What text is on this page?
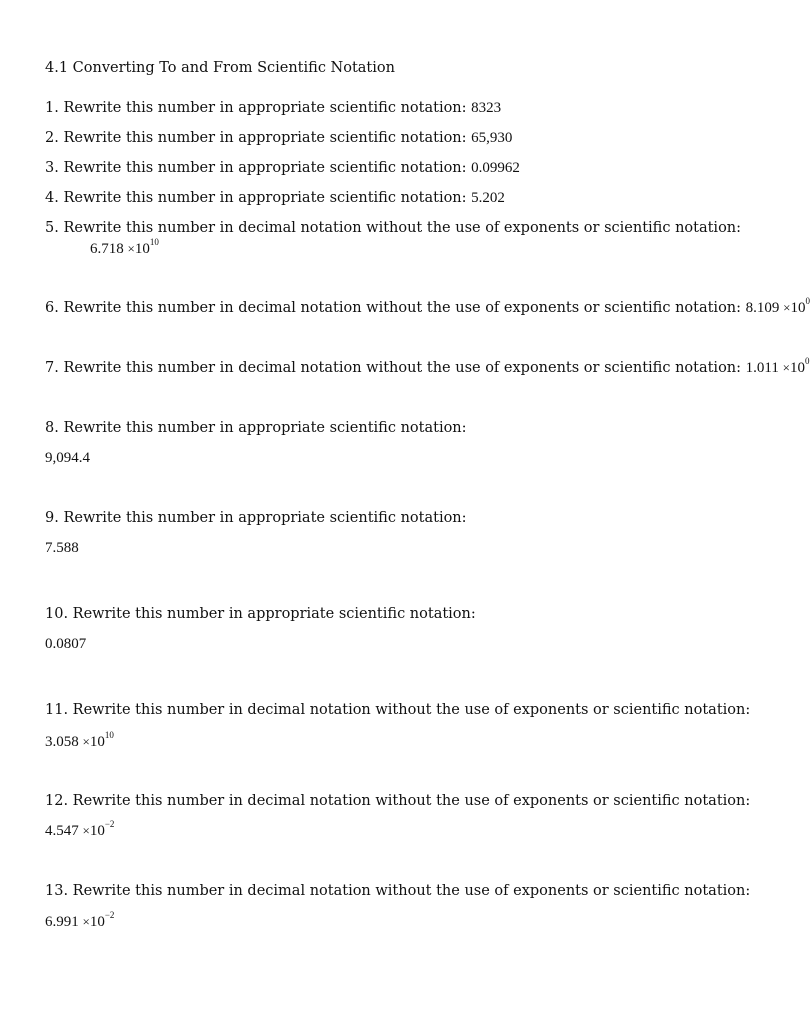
4.1 Converting To and From Scientific Notation
1. Rewrite this number in appropriate scientific notation: 8323
2. Rewrite this number in appropriate scientific notation: 65,930
3. Rewrite this number in appropriate scientific notation: 0.09962
4. Rewrite this number in appropriate scientific notation: 5.202
5. Rewrite this number in decimal notation without the use of exponents or scientific notation:
$6.718 \times 10^{10}$
6. Rewrite this number in decimal notation without the use of exponents or scientific notation: $8.109 \times 10^0$
7. Rewrite this number in decimal notation without the use of exponents or scientific notation: $1.011 \times 10^0$
8. Rewrite this number in appropriate scientific notation:
9,094.4
9. Rewrite this number in appropriate scientific notation:
7.588
10. Rewrite this number in appropriate scientific notation:
0.0807
11. Rewrite this number in decimal notation without the use of exponents or scientific notation:
$3.058 \times 10^{10}$
12. Rewrite this number in decimal notation without the use of exponents or scientific notation:
$4.547 \times 10^{-2}$
13. Rewrite this number in decimal notation without the use of exponents or scientific notation:
$6.991 \times 10^{-2}$
